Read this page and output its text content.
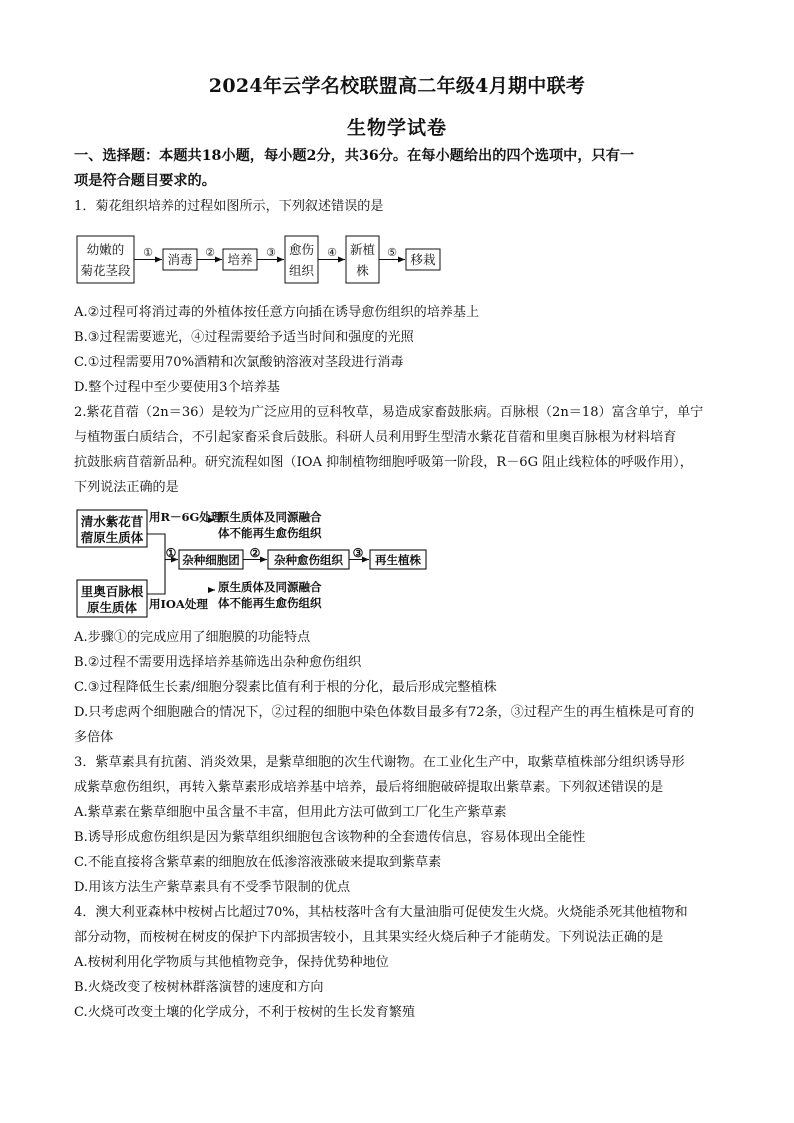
2024年云学名校联盟高二年级4月期中联考
生物学试卷
一、选择题：本题共18小题，每小题2分，共36分。在每小题给出的四个选项中，只有一
项是符合题目要求的。
1．菊花组织培养的过程如图所示，下列叙述错误的是
幼嫩的
菊花茎段
① 消毒 ② 培养 ③ 愈伤
组织
④ 新植
株
⑤ 移栽
A.②过程可将消过毒的外植体按任意方向插在诱导愈伤组织的培养基上
B.③过程需要遮光，④过程需要给予适当时间和强度的光照
C.①过程需要用70%酒精和次氯酸钠溶液对茎段进行消毒
D.整个过程中至少要使用3个培养基
2.紫花苜蓿（2n＝36）是较为广泛应用的豆科牧草，易造成家畜鼓胀病。百脉根（2n＝18）富含单宁，单宁
与植物蛋白质结合，不引起家畜采食后鼓胀。科研人员利用野生型清水紫花苜蓿和里奥百脉根为材料培育
抗鼓胀病苜蓿新品种。研究流程如图（IOA 抑制植物细胞呼吸第一阶段，R－6G 阻止线粒体的呼吸作用），
下列说法正确的是
清水紫花苜
蓿原生质体
用R－6G处理
原生质体及同源融合
体不能再生愈伤组织
① 杂种细胞团 ② 杂种愈伤组织 ③ 再生植株
里奥百脉根
原生质体
原生质体及同源融合
体不能再生愈伤组织
用IOA处理
A.步骤①的完成应用了细胞膜的功能特点
B.②过程不需要用选择培养基筛选出杂种愈伤组织
C.③过程降低生长素/细胞分裂素比值有利于根的分化，最后形成完整植株
D.只考虑两个细胞融合的情况下，②过程的细胞中染色体数目最多有72条，③过程产生的再生植株是可育的
多倍体
3．紫草素具有抗菌、消炎效果，是紫草细胞的次生代谢物。在工业化生产中，取紫草植株部分组织诱导形
成紫草愈伤组织，再转入紫草素形成培养基中培养，最后将细胞破碎提取出紫草素。下列叙述错误的是
A.紫草素在紫草细胞中虽含量不丰富，但用此方法可做到工厂化生产紫草素
B.诱导形成愈伤组织是因为紫草组织细胞包含该物种的全套遗传信息，容易体现出全能性
C.不能直接将含紫草素的细胞放在低渗溶液涨破来提取到紫草素
D.用该方法生产紫草素具有不受季节限制的优点
4．澳大利亚森林中桉树占比超过70%，其枯枝落叶含有大量油脂可促使发生火烧。火烧能杀死其他植物和
部分动物，而桉树在树皮的保护下内部损害较小，且其果实经火烧后种子才能萌发。下列说法正确的是
A.桉树利用化学物质与其他植物竞争，保持优势种地位
B.火烧改变了桉树林群落演替的速度和方向
C.火烧可改变土壤的化学成分，不利于桉树的生长发育繁殖
